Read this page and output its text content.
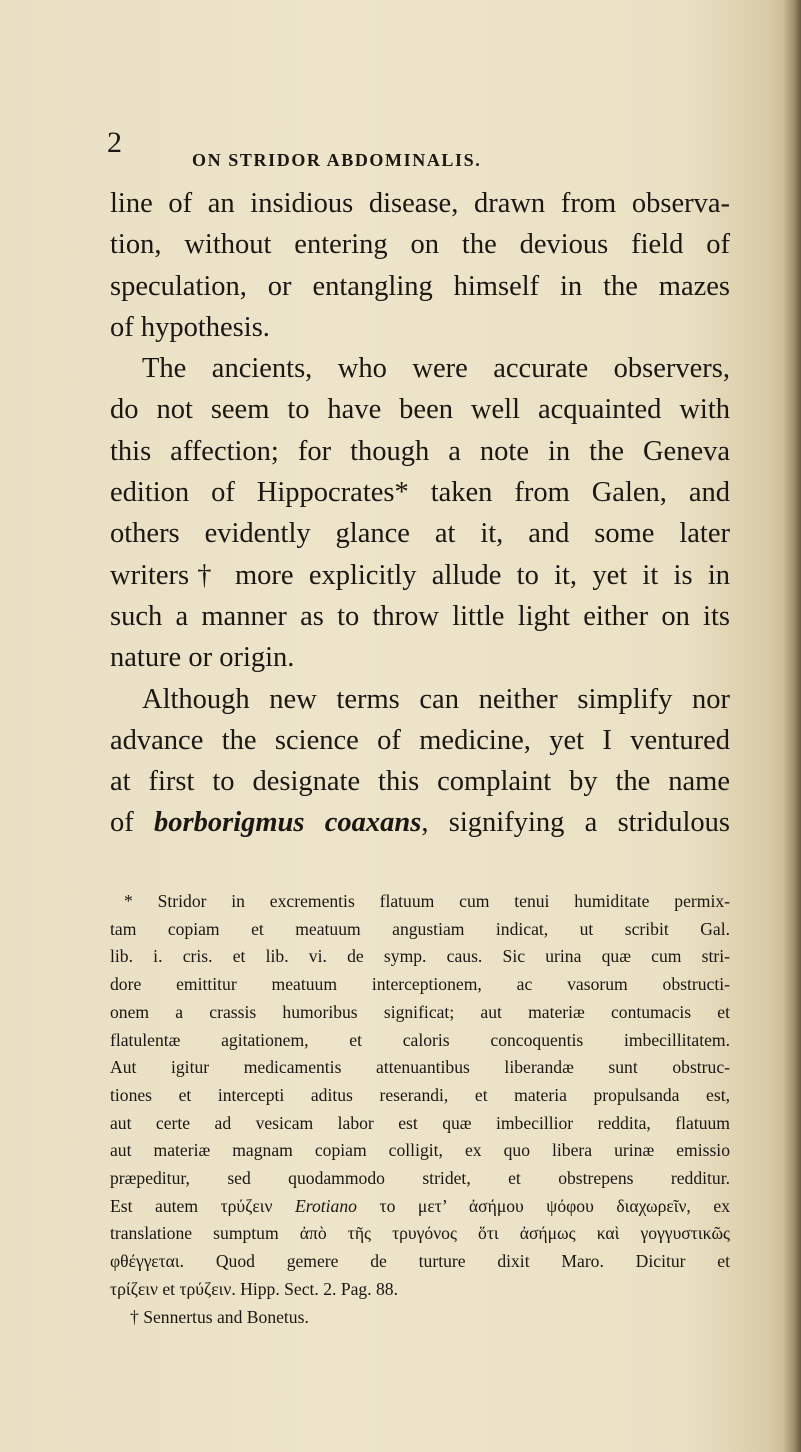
2
ON STRIDOR ABDOMINALIS.
line of an insidious disease, drawn from observa-
tion, without entering on the devious field of
speculation, or entangling himself in the mazes
of hypothesis.
The ancients, who were accurate observers,
do not seem to have been well acquainted with
this affection; for though a note in the Geneva
edition of Hippocrates* taken from Galen, and
others evidently glance at it, and some later
writers† more explicitly allude to it, yet it is in
such a manner as to throw little light either on its
nature or origin.
Although new terms can neither simplify nor
advance the science of medicine, yet I ventured
at first to designate this complaint by the name
of borborigmus coaxans, signifying a stridulous
* Stridor in excrementis flatuum cum tenui humiditate permix-
tam copiam et meatuum angustiam indicat, ut scribit Gal.
lib. i. cris. et lib. vi. de symp. caus. Sic urina quæ cum stri-
dore emittitur meatuum interceptionem, ac vasorum obstructi-
onem a crassis humoribus significat; aut materiæ contumacis et
flatulentæ agitationem, et caloris concoquentis imbecillitatem.
Aut igitur medicamentis attenuantibus liberandæ sunt obstruc-
tiones et intercepti aditus reserandi, et materia propulsanda est,
aut certe ad vesicam labor est quæ imbecillior reddita, flatuum
aut materiæ magnam copiam colligit, ex quo libera urinæ emissio
præpeditur, sed quodammodo stridet, et obstrepens redditur.
Est autem τρύζειν Erotiano το μετ’ ἀσήμου ψόφου διαχωρεῖν, ex
translatione sumptum ἀπὸ τῆς τρυγόνος ὅτι ἀσήμως καὶ γογγυστικῶς
φθέγγεται. Quod gemere de turture dixit Maro. Dicitur et
τρίζειν et τρύζειν. Hipp. Sect. 2. Pag. 88.
† Sennertus and Bonetus.
